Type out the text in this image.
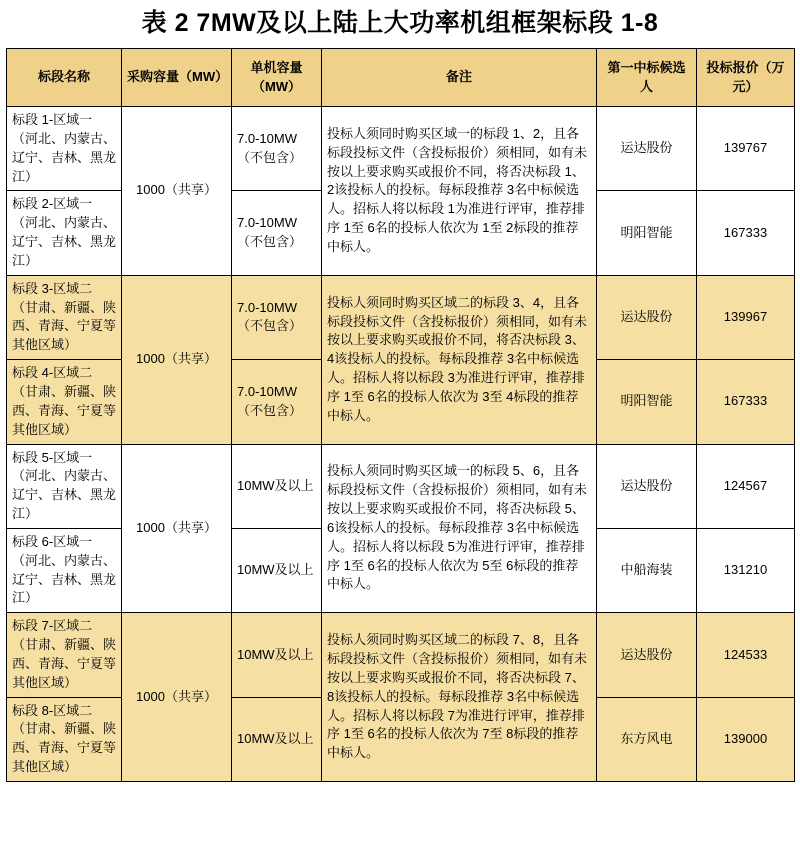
表 2 7MW及以上陆上大功率机组框架标段 1-8
标段名称	采购容量（MW）	单机容量（MW）	备注	第一中标候选人	投标报价（万元）
标段 1-区域一（河北、内蒙古、辽宁、吉林、黑龙江）	1000（共享）	7.0-10MW（不包含）	投标人须同时购买区域一的标段 1、2，且各标段投标文件（含投标报价）须相同，如有未按以上要求购买或报价不同，将否决标段 1、2该投标人的投标。每标段推荐 3名中标候选人。招标人将以标段 1为准进行评审，推荐排序 1至 6名的投标人依次为 1至 2标段的推荐中标人。	运达股份	139767
标段 2-区域一（河北、内蒙古、辽宁、吉林、黑龙江）		7.0-10MW（不包含）		明阳智能	167333
标段 3-区域二（甘肃、新疆、陕西、青海、宁夏等其他区域）	1000（共享）	7.0-10MW（不包含）	投标人须同时购买区域二的标段 3、4，且各标段投标文件（含投标报价）须相同，如有未按以上要求购买或报价不同，将否决标段 3、4该投标人的投标。每标段推荐 3名中标候选人。招标人将以标段 3为准进行评审，推荐排序 1至 6名的投标人依次为 3至 4标段的推荐中标人。	运达股份	139967
标段 4-区域二（甘肃、新疆、陕西、青海、宁夏等其他区域）		7.0-10MW（不包含）		明阳智能	167333
标段 5-区域一（河北、内蒙古、辽宁、吉林、黑龙江）	1000（共享）	10MW及以上	投标人须同时购买区域一的标段 5、6，且各标段投标文件（含投标报价）须相同，如有未按以上要求购买或报价不同，将否决标段 5、6该投标人的投标。每标段推荐 3名中标候选人。招标人将以标段 5为准进行评审，推荐排序 1至 6名的投标人依次为 5至 6标段的推荐中标人。	运达股份	124567
标段 6-区域一（河北、内蒙古、辽宁、吉林、黑龙江）		10MW及以上		中船海装	131210
标段 7-区域二（甘肃、新疆、陕西、青海、宁夏等其他区域）	1000（共享）	10MW及以上	投标人须同时购买区域二的标段 7、8，且各标段投标文件（含投标报价）须相同，如有未按以上要求购买或报价不同，将否决标段 7、8该投标人的投标。每标段推荐 3名中标候选人。招标人将以标段 7为准进行评审，推荐排序 1至 6名的投标人依次为 7至 8标段的推荐中标人。	运达股份	124533
标段 8-区域二（甘肃、新疆、陕西、青海、宁夏等其他区域）		10MW及以上		东方风电	139000
